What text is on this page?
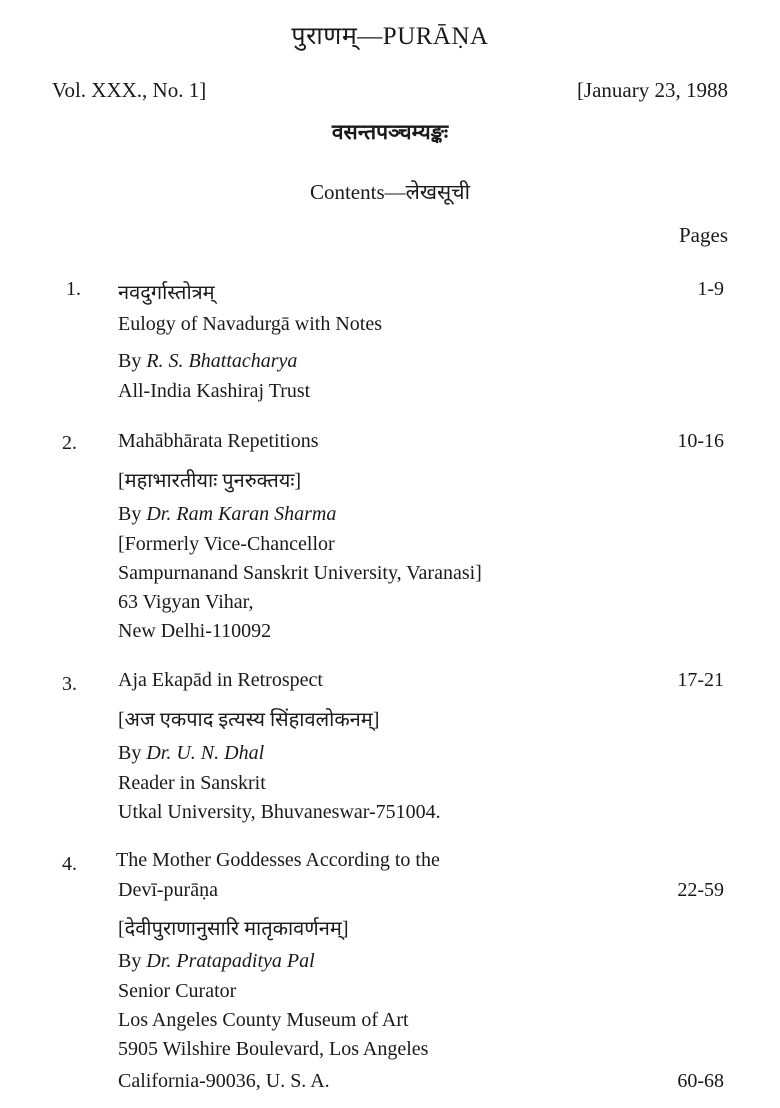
पुराणम्—PURĀṆA
Vol. XXX., No. 1]	[January 23, 1988
वसन्तपञ्चम्यङ्कः
Contents—लेखसूची
Pages
1. नवदुर्गास्तोत्रम्
Eulogy of Navadurgā with Notes
By R. S. Bhattacharya
All-India Kashiraj Trust
1-9
2. Mahābhārata Repetitions
[महाभारतीयाः पुनरुक्तयः]
By Dr. Ram Karan Sharma
[Formerly Vice-Chancellor
Sampurnanand Sanskrit University, Varanasi]
63 Vigyan Vihar,
New Delhi-110092
10-16
3. Aja Ekapād in Retrospect
[अज एकपाद इत्यस्य सिंहावलोकनम्]
By Dr. U. N. Dhal
Reader in Sanskrit
Utkal University, Bhuvaneswar-751004.
17-21
4. The Mother Goddesses According to the
Devī-purāṇa
[देवीपुराणानुसारि मातृकावर्णनम्]
By Dr. Pratapaditya Pal
Senior Curator
Los Angeles County Museum of Art
5905 Wilshire Boulevard, Los Angeles
California-90036, U. S. A.
22-59
60-68
